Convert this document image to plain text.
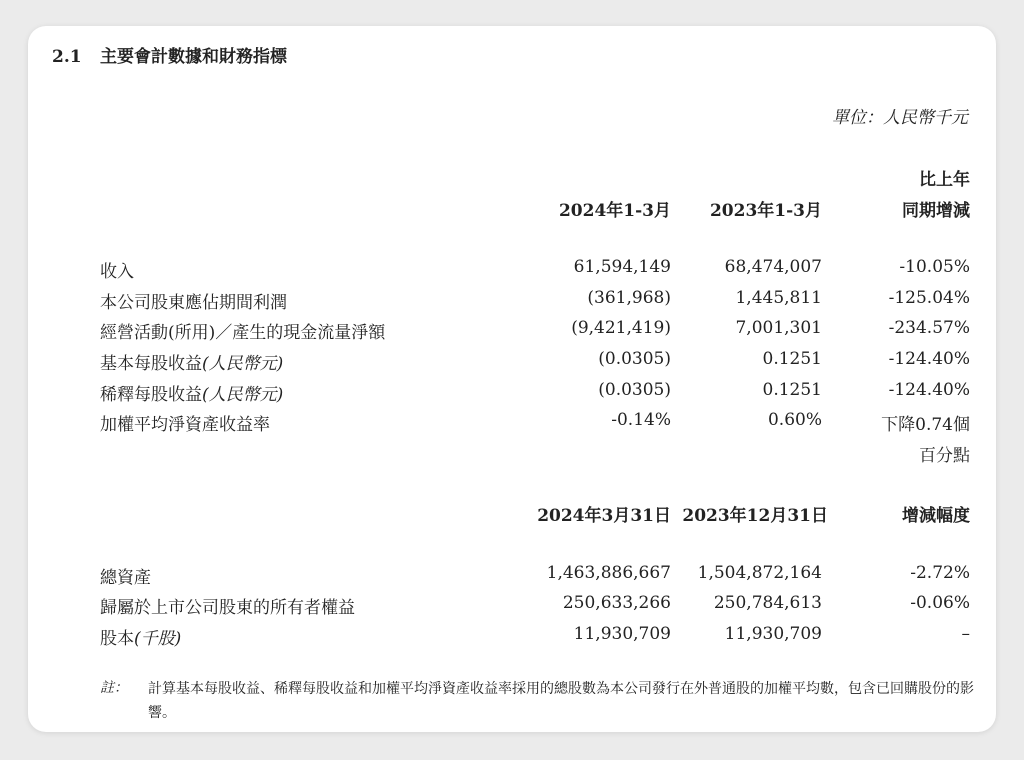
2.1 主要會計數據和財務指標
單位：人民幣千元
比上年
2024年1-3月 2023年1-3月	同期增減
收入	61,594,149	68,474,007	-10.05%
本公司股東應佔期間利潤	(361,968)	1,445,811	-125.04%
經營活動(所用)／產生的現金流量淨額	(9,421,419)	7,001,301	-234.57%
基本每股收益(人民幣元)	(0.0305)	0.1251	-124.40%
稀釋每股收益(人民幣元)	(0.0305)	0.1251	-124.40%
加權平均淨資產收益率	-0.14%	0.60%	下降0.74個
百分點
2024年3月31日 2023年12月31日	增減幅度
總資產	1,463,886,667 1,504,872,164	-2.72%
歸屬於上市公司股東的所有者權益	250,633,266	250,784,613	-0.06%
股本(千股)	11,930,709	11,930,709	–
註： 計算基本每股收益、稀釋每股收益和加權平均淨資產收益率採用的總股數為本公司發行在外普通股的加權平均數，包含已回購股份的影響。
